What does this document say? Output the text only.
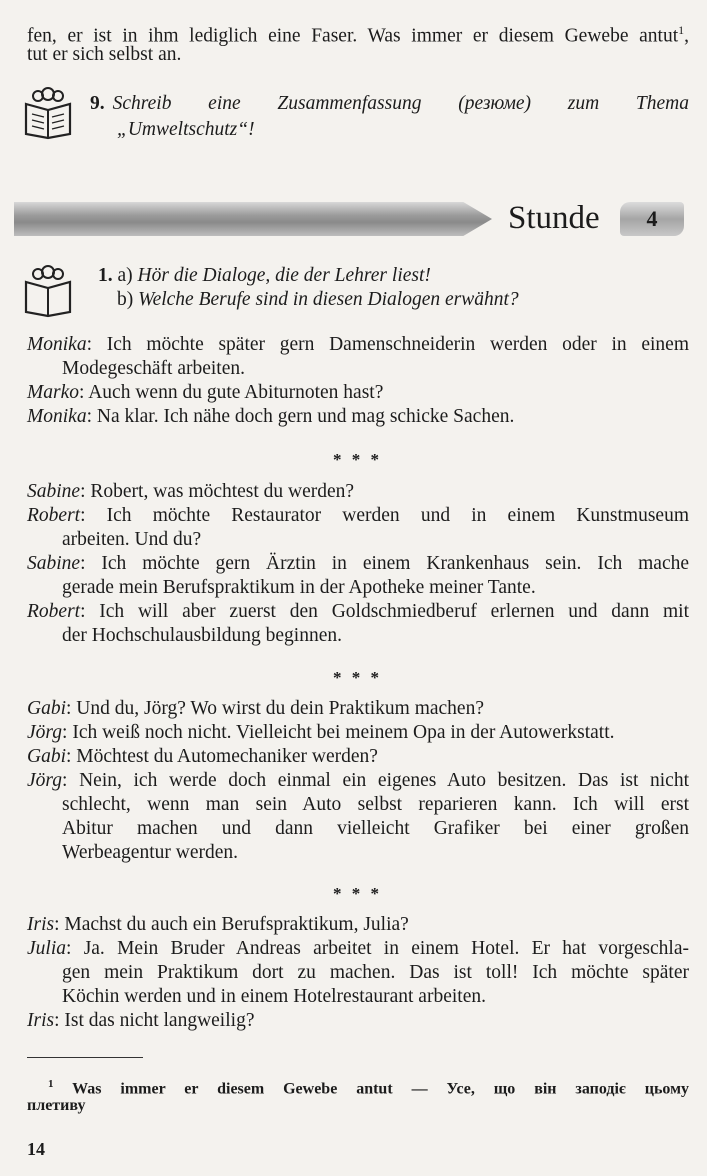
fen, er ist in ihm lediglich eine Faser. Was immer er diesem Gewebe antut$^1$,
tut er sich selbst an.
9. Schreib eine Zusammenfassung (резюме) zum Thema
„Umweltschutz“!
Stunde	4
1. a) Hör die Dialoge, die der Lehrer liest!
b) Welche Berufe sind in diesen Dialogen erwähnt?
Monika: Ich möchte später gern Damenschneiderin werden oder in einem
Modegeschäft arbeiten.
Marko: Auch wenn du gute Abiturnoten hast?
Monika: Na klar. Ich nähe doch gern und mag schicke Sachen.
* * *
Sabine: Robert, was möchtest du werden?
Robert: Ich möchte Restaurator werden und in einem Kunstmuseum
arbeiten. Und du?
Sabine: Ich möchte gern Ärztin in einem Krankenhaus sein. Ich mache
gerade mein Berufspraktikum in der Apotheke meiner Tante.
Robert: Ich will aber zuerst den Goldschmiedberuf erlernen und dann mit
der Hochschulausbildung beginnen.
* * *
Gabi: Und du, Jörg? Wo wirst du dein Praktikum machen?
Jörg: Ich weiß noch nicht. Vielleicht bei meinem Opa in der Autowerkstatt.
Gabi: Möchtest du Automechaniker werden?
Jörg: Nein, ich werde doch einmal ein eigenes Auto besitzen. Das ist nicht
schlecht, wenn man sein Auto selbst reparieren kann. Ich will erst
Abitur machen und dann vielleicht Grafiker bei einer großen
Werbeagentur werden.
* * *
Iris: Machst du auch ein Berufspraktikum, Julia?
Julia: Ja. Mein Bruder Andreas arbeitet in einem Hotel. Er hat vorgeschla-
gen mein Praktikum dort zu machen. Das ist toll! Ich möchte später
Köchin werden und in einem Hotelrestaurant arbeiten.
Iris: Ist das nicht langweilig?
$^1$ Was immer er diesem Gewebe antut — Усе, що він заподіє цьому
плетиву
14
